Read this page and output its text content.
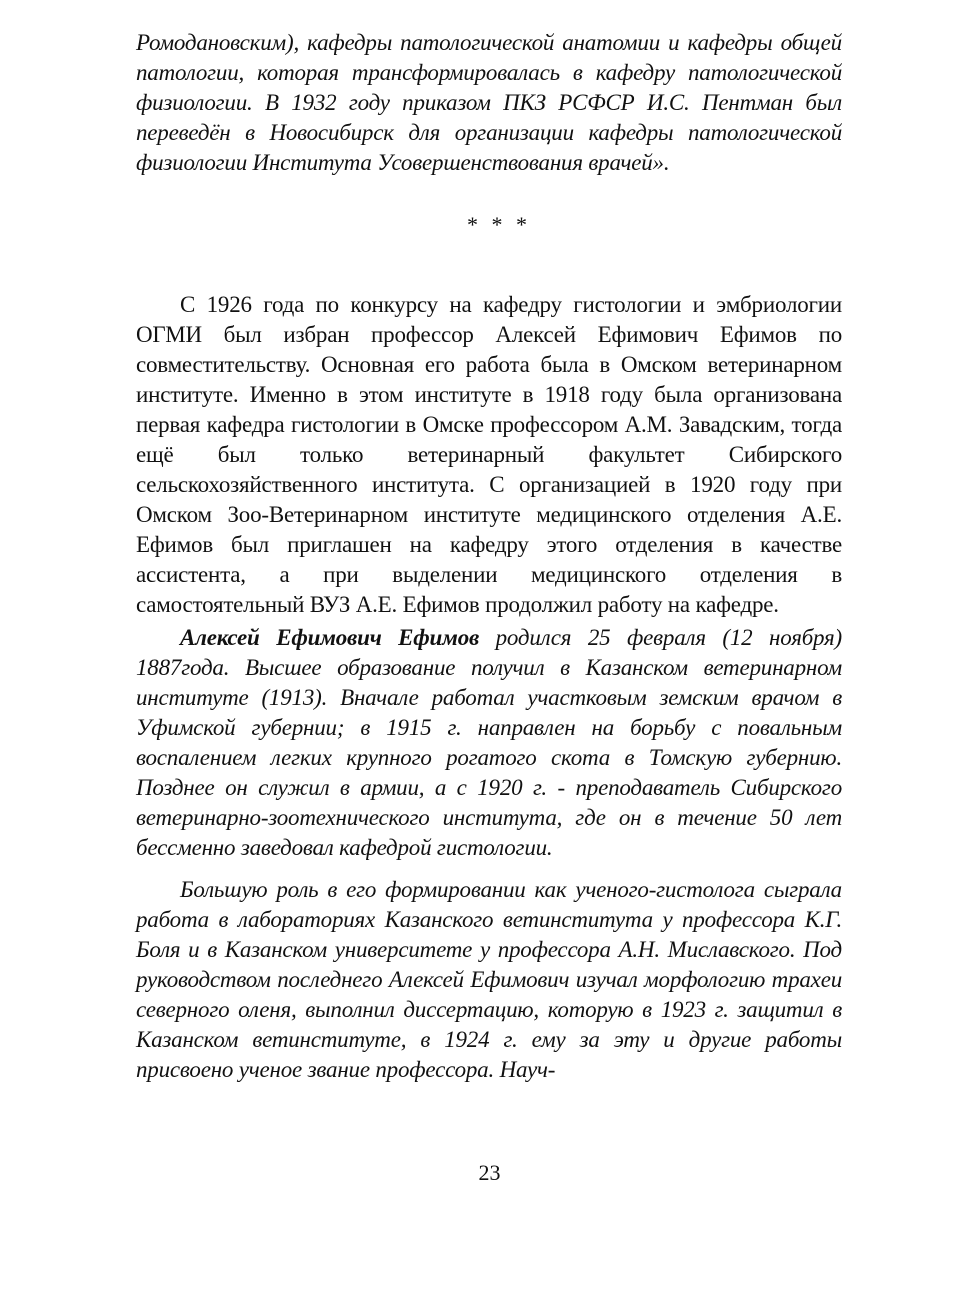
Ромодановским), кафедры патологической анатомии и кафедры общей патологии, которая трансформировалась в кафедру патологической физиологии. В 1932 году приказом ПКЗ РСФСР И.С. Пентман был переведён в Новосибирск для организации кафедры патологической физиологии Института Усовершенствования врачей».

* * *

С 1926 года по конкурсу на кафедру гистологии и эмбриологии ОГМИ был избран профессор Алексей Ефимович Ефимов по совместительству. Основная его работа была в Омском ветеринарном институте. Именно в этом институте в 1918 году была организована первая кафедра гистологии в Омске профессором А.М. Завадским, тогда ещё был только ветеринарный факультет Сибирского сельскохозяйственного института. С организацией в 1920 году при Омском Зоо-Ветеринарном институте медицинского отделения А.Е. Ефимов был приглашен на кафедру этого отделения в качестве ассистента, а при выделении медицинского отделения в самостоятельный ВУЗ А.Е. Ефимов продолжил работу на кафедре.

Алексей Ефимович Ефимов родился 25 февраля (12 ноября) 1887года. Высшее образование получил в Казанском ветеринарном институте (1913). Вначале работал участковым земским врачом в Уфимской губернии; в 1915 г. направлен на борьбу с повальным воспалением легких крупного рогатого скота в Томскую губернию. Позднее он служил в армии, а с 1920 г. - преподаватель Сибирского ветеринарно-зоотехнического института, где он в течение 50 лет бессменно заведовал кафедрой гистологии.

Большую роль в его формировании как ученого-гистолога сыграла работа в лабораториях Казанского ветинститута у профессора К.Г. Боля и в Казанском университете у профессора А.Н. Миславского. Под руководством последнего Алексей Ефимович изучал морфологию трахеи северного оленя, выполнил диссертацию, которую в 1923 г. защитил в Казанском ветинституте, в 1924 г. ему за эту и другие работы присвоено ученое звание профессора. Науч-

23
